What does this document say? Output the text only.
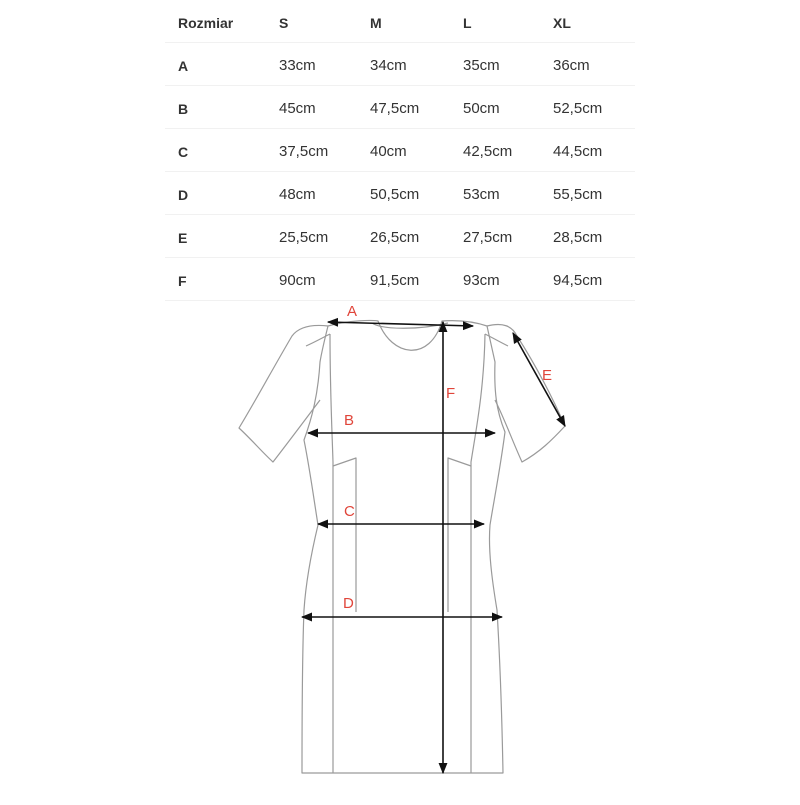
Rozmiar	S	M	L	XL
A	33cm	34cm	35cm	36cm
B	45cm	47,5cm	50cm	52,5cm
C	37,5cm	40cm	42,5cm	44,5cm
D	48cm	50,5cm	53cm	55,5cm
E	25,5cm	26,5cm	27,5cm	28,5cm
F	90cm	91,5cm	93cm	94,5cm
A
B
C
D
E
F
